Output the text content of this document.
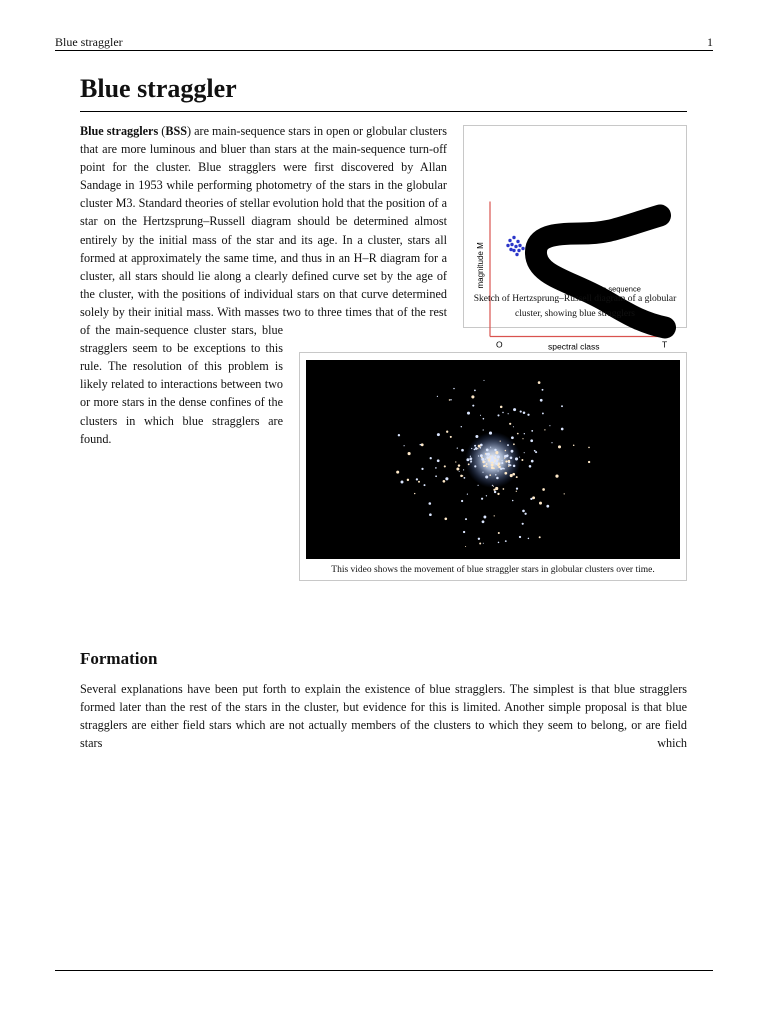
Blue straggler	1
Blue straggler

Blue stragglers (BSS) are main-sequence stars in open or globular clusters that are more luminous and bluer than stars at the main-sequence turn-off point for the cluster. Blue stragglers were first discovered by Allan Sandage in 1953 while performing photometry of the stars in the globular cluster M3. Standard theories of stellar evolution hold that the position of a star on the Hertzsprung–Russell diagram should be determined almost entirely by the initial mass of the star and its age. In a cluster, stars all formed at approximately the same time, and thus in an H–R diagram for a cluster, all stars should lie along a clearly defined curve set by the age of the cluster, with the positions of individual stars on that curve determined solely by their initial mass. With masses two to three times that of the rest of the main-sequence cluster stars, blue stragglers seem to be exceptions to this rule. The resolution of this problem is likely related to interactions between two or more stars in the dense confines of the clusters in which blue stragglers are found.

magnitude M
spectral class
O	T
Giant branch
Main sequence
Sketch of Hertzsprung–Russell diagram of a globular cluster, showing blue stragglers
This video shows the movement of blue straggler stars in globular clusters over time.
Formation

Several explanations have been put forth to explain the existence of blue stragglers. The simplest is that blue stragglers formed later than the rest of the stars in the cluster, but evidence for this is limited. Another simple proposal is that blue stragglers are either field stars which are not actually members of the clusters to which they seem to belong, or are field stars which
